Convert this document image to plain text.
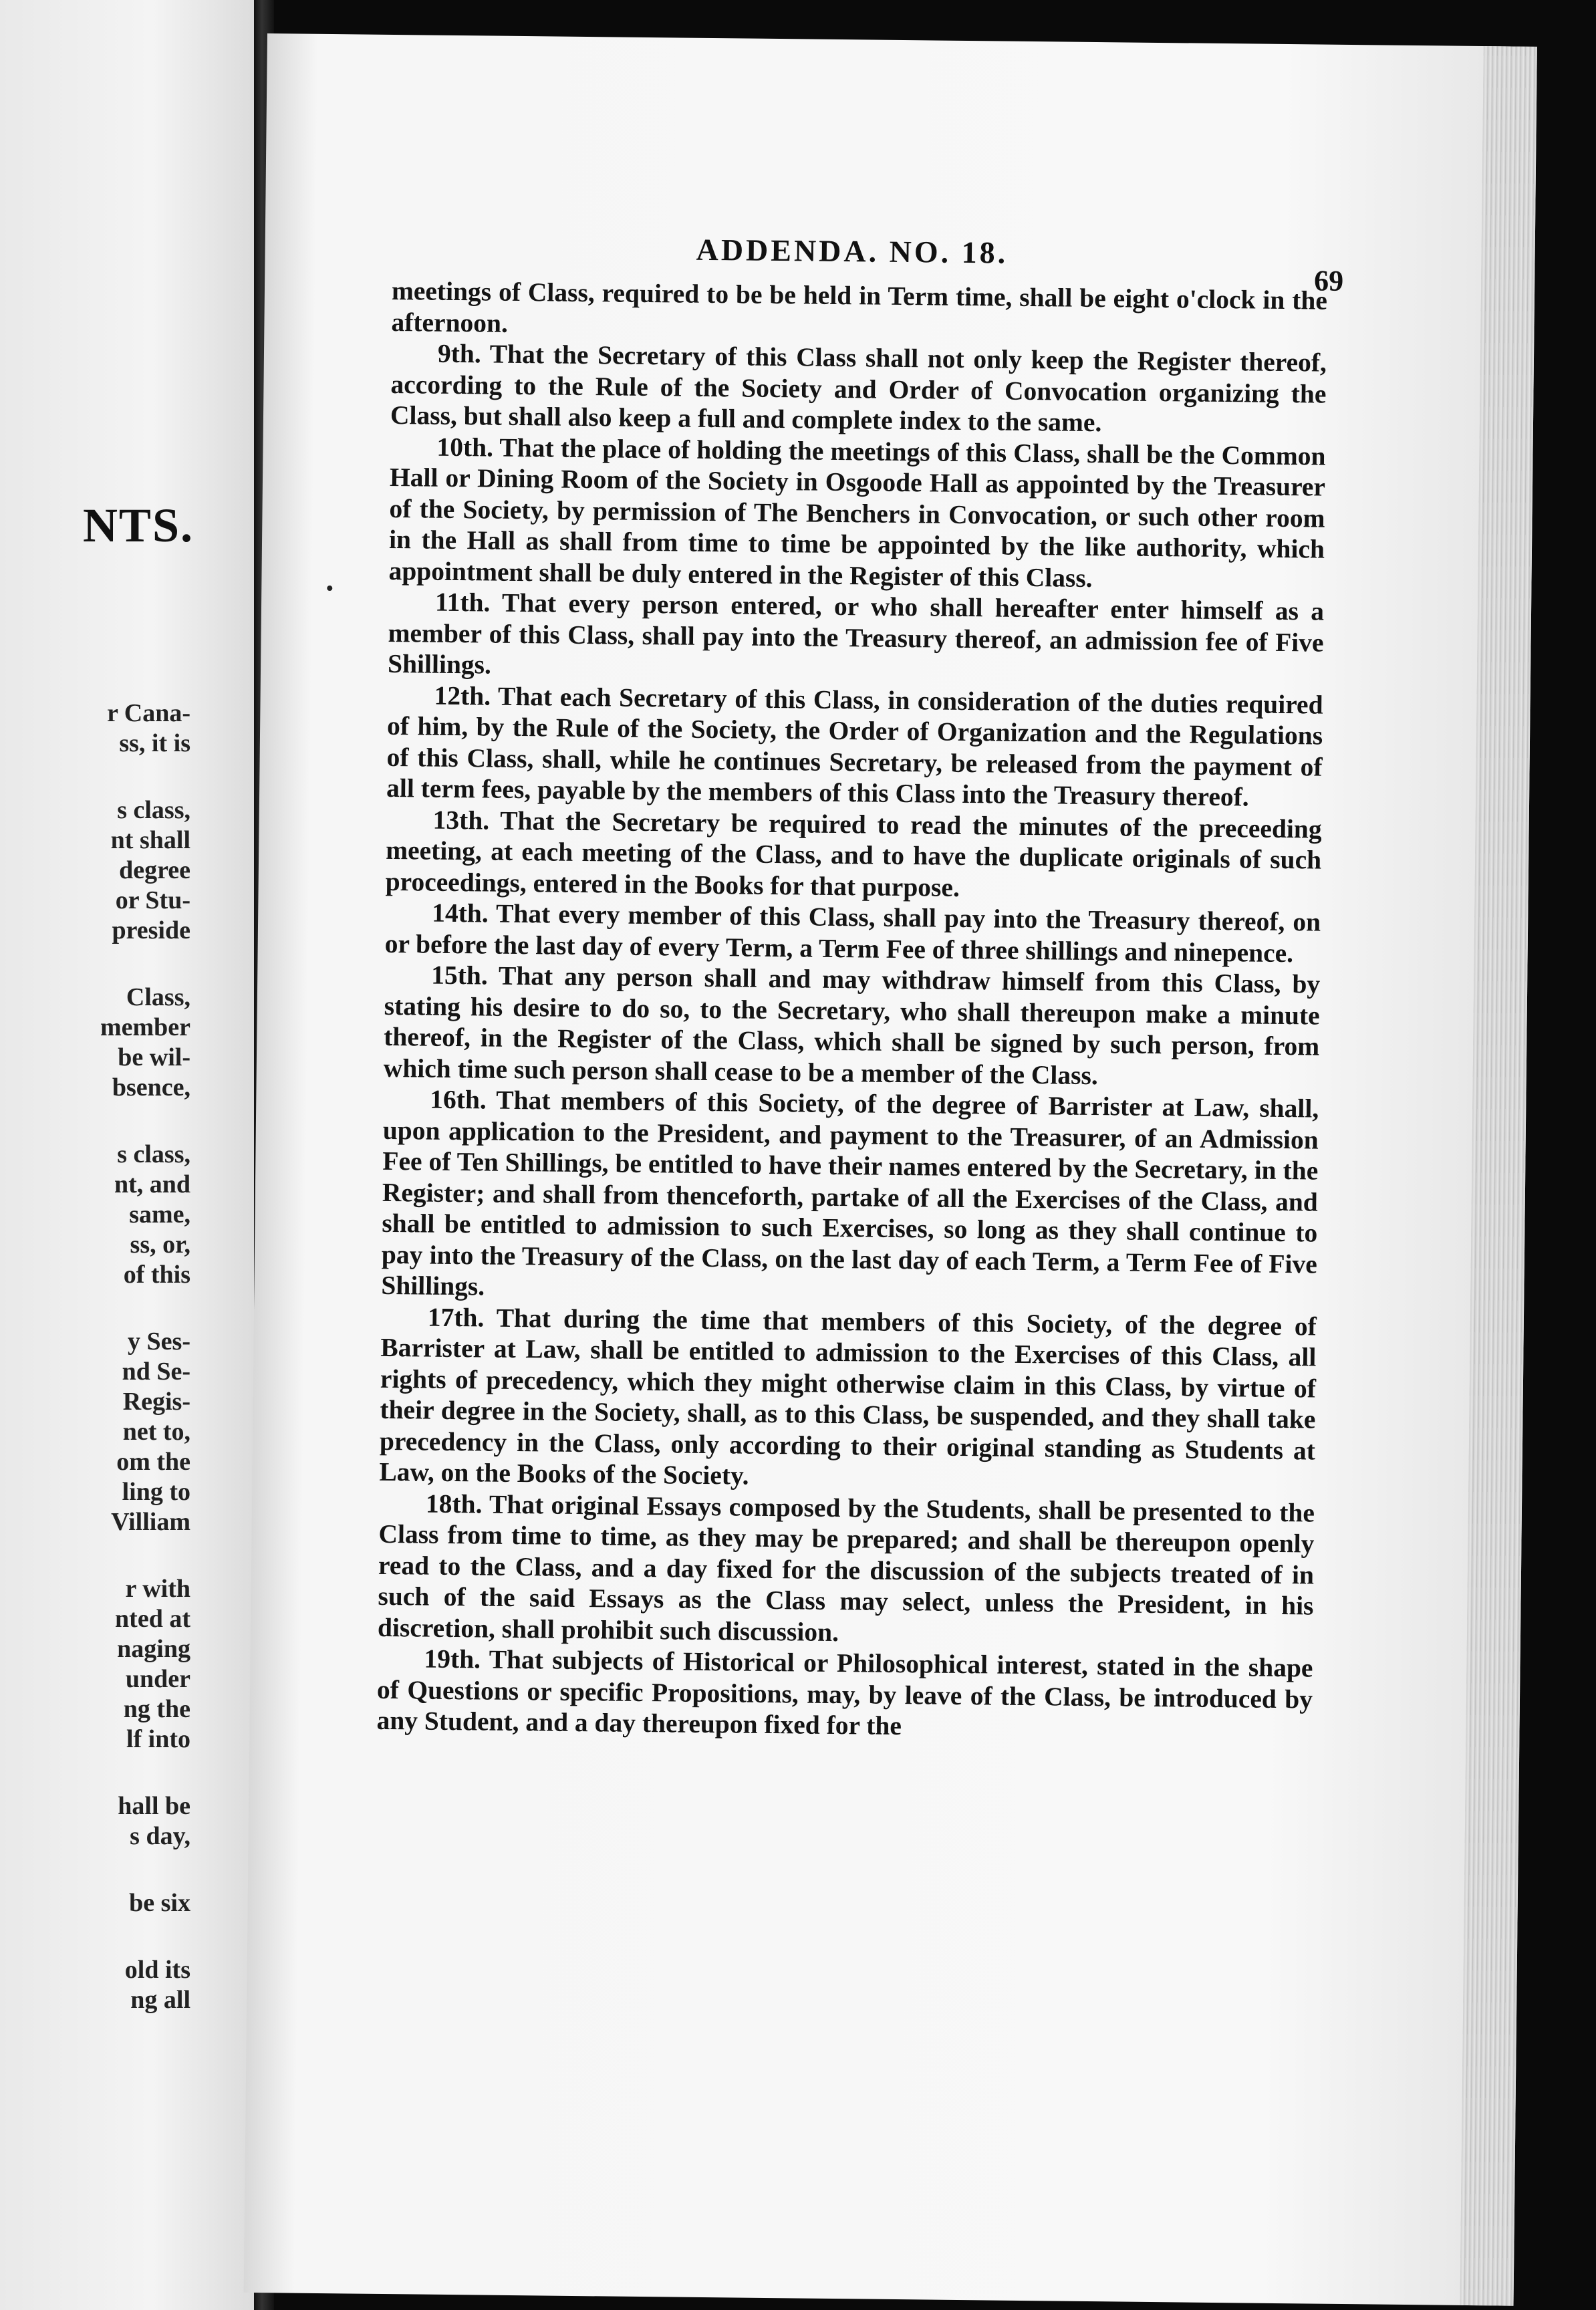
NTS.
r Cana-
ss, it is
s class,
nt shall
degree
or Stu-
preside
Class,
member
be wil-
bsence,
s class,
nt, and
same,
ss, or,
of this
y Ses-
nd Se-
Regis-
net to,
om the
ling to
Villiam
r with
nted at
naging
under
ng the
lf into
hall be
s day,
be six
old its
ng all
ADDENDA. NO. 18.
69

meetings of Class, required to be be held in Term time, shall be eight o'clock in the afternoon.

9th. That the Secretary of this Class shall not only keep the Register thereof, according to the Rule of the Society and Order of Convocation organizing the Class, but shall also keep a full and complete index to the same.

10th. That the place of holding the meetings of this Class, shall be the Common Hall or Dining Room of the Society in Osgoode Hall as appointed by the Treasurer of the Society, by permission of The Benchers in Convocation, or such other room in the Hall as shall from time to time be appointed by the like authority, which appointment shall be duly entered in the Register of this Class.

11th. That every person entered, or who shall hereafter enter himself as a member of this Class, shall pay into the Treasury thereof, an admission fee of Five Shillings.

12th. That each Secretary of this Class, in consideration of the duties required of him, by the Rule of the Society, the Order of Organization and the Regulations of this Class, shall, while he continues Secretary, be released from the payment of all term fees, payable by the members of this Class into the Treasury thereof.

13th. That the Secretary be required to read the minutes of the preceeding meeting, at each meeting of the Class, and to have the duplicate originals of such proceedings, entered in the Books for that purpose.

14th. That every member of this Class, shall pay into the Treasury thereof, on or before the last day of every Term, a Term Fee of three shillings and ninepence.

15th. That any person shall and may withdraw himself from this Class, by stating his desire to do so, to the Secretary, who shall thereupon make a minute thereof, in the Register of the Class, which shall be signed by such person, from which time such person shall cease to be a member of the Class.

16th. That members of this Society, of the degree of Barrister at Law, shall, upon application to the President, and payment to the Treasurer, of an Admission Fee of Ten Shillings, be entitled to have their names entered by the Secretary, in the Register; and shall from thenceforth, partake of all the Exercises of the Class, and shall be entitled to admission to such Exercises, so long as they shall continue to pay into the Treasury of the Class, on the last day of each Term, a Term Fee of Five Shillings.

17th. That during the time that members of this Society, of the degree of Barrister at Law, shall be entitled to admission to the Exercises of this Class, all rights of precedency, which they might otherwise claim in this Class, by virtue of their degree in the Society, shall, as to this Class, be suspended, and they shall take precedency in the Class, only according to their original standing as Students at Law, on the Books of the Society.

18th. That original Essays composed by the Students, shall be presented to the Class from time to time, as they may be prepared; and shall be thereupon openly read to the Class, and a day fixed for the discussion of the subjects treated of in such of the said Essays as the Class may select, unless the President, in his discretion, shall prohibit such discussion.

19th. That subjects of Historical or Philosophical interest, stated in the shape of Questions or specific Propositions, may, by leave of the Class, be introduced by any Student, and a day thereupon fixed for the
